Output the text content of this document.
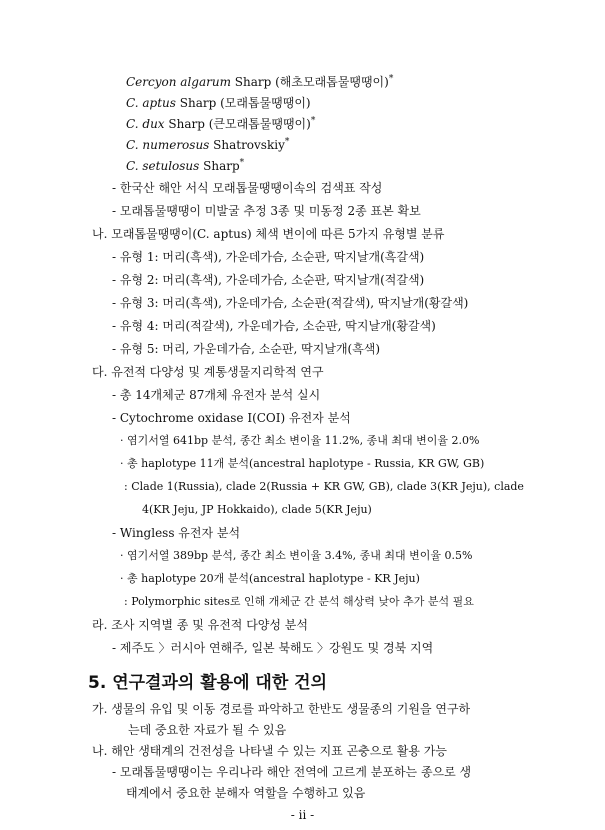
Cercyon algarum Sharp (해초모래톱물땡땡이)*
C. aptus Sharp (모래톱물땡땡이)
C. dux Sharp (큰모래톱물땡땡이)*
C. numerosus Shatrovskiy*
C. setulosus Sharp*
- 한국산 해안 서식 모래톱물땡땡이속의 검색표 작성
- 모래톱물땡땡이 미발굴 추정 3종 및 미동정 2종 표본 확보
나. 모래톱물땡땡이(C. aptus) 체색 변이에 따른 5가지 유형별 분류
- 유형 1: 머리(흑색), 가운데가슴, 소순판, 딱지날개(흑갈색)
- 유형 2: 머리(흑색), 가운데가슴, 소순판, 딱지날개(적갈색)
- 유형 3: 머리(흑색), 가운데가슴, 소순판(적갈색), 딱지날개(황갈색)
- 유형 4: 머리(적갈색), 가운데가슴, 소순판, 딱지날개(황갈색)
- 유형 5: 머리, 가운데가슴, 소순판, 딱지날개(흑색)
다. 유전적 다양성 및 계통생물지리학적 연구
- 총 14개체군 87개체 유전자 분석 실시
- Cytochrome oxidase I(COI) 유전자 분석
· 염기서열 641bp 분석, 종간 최소 변이율 11.2%, 종내 최대 변이율 2.0%
· 총 haplotype 11개 분석(ancestral haplotype - Russia, KR GW, GB)
: Clade 1(Russia), clade 2(Russia + KR GW, GB), clade 3(KR Jeju), clade
4(KR Jeju, JP Hokkaido), clade 5(KR Jeju)
- Wingless 유전자 분석
· 염기서열 389bp 분석, 종간 최소 변이율 3.4%, 종내 최대 변이율 0.5%
· 총 haplotype 20개 분석(ancestral haplotype - KR Jeju)
: Polymorphic sites로 인해 개체군 간 분석 해상력 낮아 추가 분석 필요
라. 조사 지역별 종 및 유전적 다양성 분석
- 제주도 〉러시아 연해주, 일본 북해도 〉강원도 및 경북 지역
5. 연구결과의 활용에 대한 건의
가. 생물의 유입 및 이동 경로를 파악하고 한반도 생물종의 기원을 연구하
는데 중요한 자료가 될 수 있음
나. 해안 생태계의 건전성을 나타낼 수 있는 지표 곤충으로 활용 가능
- 모래톱물땡땡이는 우리나라 해안 전역에 고르게 분포하는 종으로 생
태계에서 중요한 분해자 역할을 수행하고 있음
- ii -
